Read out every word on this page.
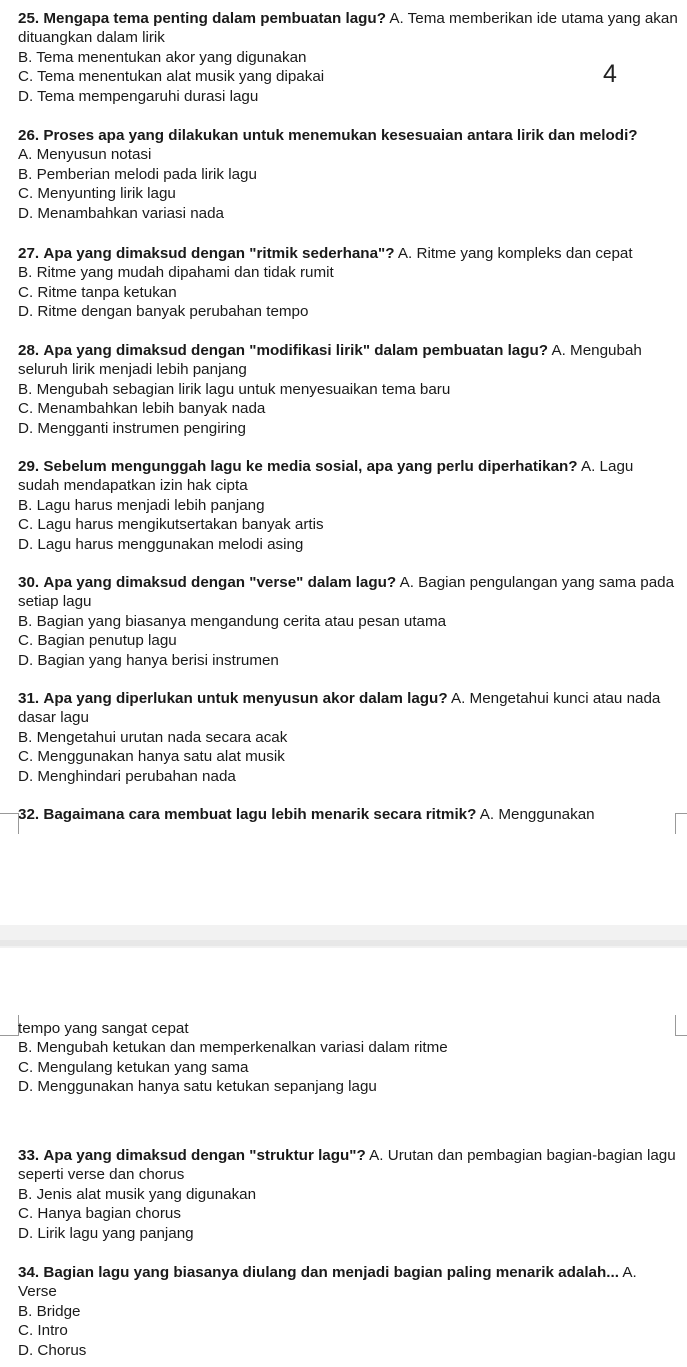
4
25. Mengapa tema penting dalam pembuatan lagu? A. Tema memberikan ide utama yang akan dituangkan dalam lirik
B. Tema menentukan akor yang digunakan
C. Tema menentukan alat musik yang dipakai
D. Tema mempengaruhi durasi lagu
26. Proses apa yang dilakukan untuk menemukan kesesuaian antara lirik dan melodi?
A. Menyusun notasi
B. Pemberian melodi pada lirik lagu
C. Menyunting lirik lagu
D. Menambahkan variasi nada
27. Apa yang dimaksud dengan "ritmik sederhana"? A. Ritme yang kompleks dan cepat
B. Ritme yang mudah dipahami dan tidak rumit
C. Ritme tanpa ketukan
D. Ritme dengan banyak perubahan tempo
28. Apa yang dimaksud dengan "modifikasi lirik" dalam pembuatan lagu? A. Mengubah seluruh lirik menjadi lebih panjang
B. Mengubah sebagian lirik lagu untuk menyesuaikan tema baru
C. Menambahkan lebih banyak nada
D. Mengganti instrumen pengiring
29. Sebelum mengunggah lagu ke media sosial, apa yang perlu diperhatikan? A. Lagu sudah mendapatkan izin hak cipta
B. Lagu harus menjadi lebih panjang
C. Lagu harus mengikutsertakan banyak artis
D. Lagu harus menggunakan melodi asing
30. Apa yang dimaksud dengan "verse" dalam lagu? A. Bagian pengulangan yang sama pada setiap lagu
B. Bagian yang biasanya mengandung cerita atau pesan utama
C. Bagian penutup lagu
D. Bagian yang hanya berisi instrumen
31. Apa yang diperlukan untuk menyusun akor dalam lagu? A. Mengetahui kunci atau nada dasar lagu
B. Mengetahui urutan nada secara acak
C. Menggunakan hanya satu alat musik
D. Menghindari perubahan nada
32. Bagaimana cara membuat lagu lebih menarik secara ritmik? A. Menggunakan
tempo yang sangat cepat
B. Mengubah ketukan dan memperkenalkan variasi dalam ritme
C. Mengulang ketukan yang sama
D. Menggunakan hanya satu ketukan sepanjang lagu
33. Apa yang dimaksud dengan "struktur lagu"? A. Urutan dan pembagian bagian-bagian lagu seperti verse dan chorus
B. Jenis alat musik yang digunakan
C. Hanya bagian chorus
D. Lirik lagu yang panjang
34. Bagian lagu yang biasanya diulang dan menjadi bagian paling menarik adalah... A. Verse
B. Bridge
C. Intro
D. Chorus
